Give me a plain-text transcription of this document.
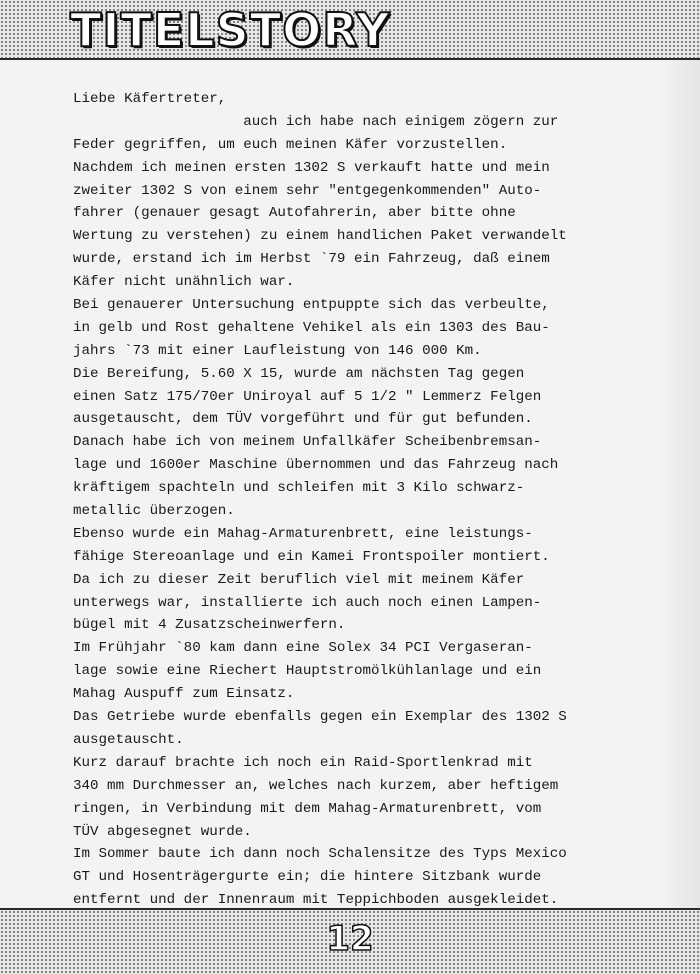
TITELSTORY
Liebe Käfertreter,
auch ich habe nach einigem zögern zur
Feder gegriffen, um euch meinen Käfer vorzustellen.
Nachdem ich meinen ersten 1302 S verkauft hatte und mein
zweiter 1302 S von einem sehr "entgegenkommenden" Auto-
fahrer (genauer gesagt Autofahrerin, aber bitte ohne
Wertung zu verstehen) zu einem handlichen Paket verwandelt
wurde, erstand ich im Herbst `79 ein Fahrzeug, daß einem
Käfer nicht unähnlich war.
Bei genauerer Untersuchung entpuppte sich das verbeulte,
in gelb und Rost gehaltene Vehikel als ein 1303 des Bau-
jahrs `73 mit einer Laufleistung von 146 000 Km.
Die Bereifung, 5.60 X 15, wurde am nächsten Tag gegen
einen Satz 175/70er Uniroyal auf 5 1/2 " Lemmerz Felgen
ausgetauscht, dem TÜV vorgeführt und für gut befunden.
Danach habe ich von meinem Unfallkäfer Scheibenbremsan-
lage und 1600er Maschine übernommen und das Fahrzeug nach
kräftigem spachteln und schleifen mit 3 Kilo schwarz-
metallic überzogen.
Ebenso wurde ein Mahag-Armaturenbrett, eine leistungs-
fähige Stereoanlage und ein Kamei Frontspoiler montiert.
Da ich zu dieser Zeit beruflich viel mit meinem Käfer
unterwegs war, installierte ich auch noch einen Lampen-
bügel mit 4 Zusatzscheinwerfern.
Im Frühjahr `80 kam dann eine Solex 34 PCI Vergaseran-
lage sowie eine Riechert Hauptstromölkühlanlage und ein
Mahag Auspuff zum Einsatz.
Das Getriebe wurde ebenfalls gegen ein Exemplar des 1302 S
ausgetauscht.
Kurz darauf brachte ich noch ein Raid-Sportlenkrad mit
340 mm Durchmesser an, welches nach kurzem, aber heftigem
ringen, in Verbindung mit dem Mahag-Armaturenbrett, vom
TÜV abgesegnet wurde.
Im Sommer baute ich dann noch Schalensitze des Typs Mexico
GT und Hosenträgergurte ein; die hintere Sitzbank wurde
entfernt und der Innenraum mit Teppichboden ausgekleidet.
12
